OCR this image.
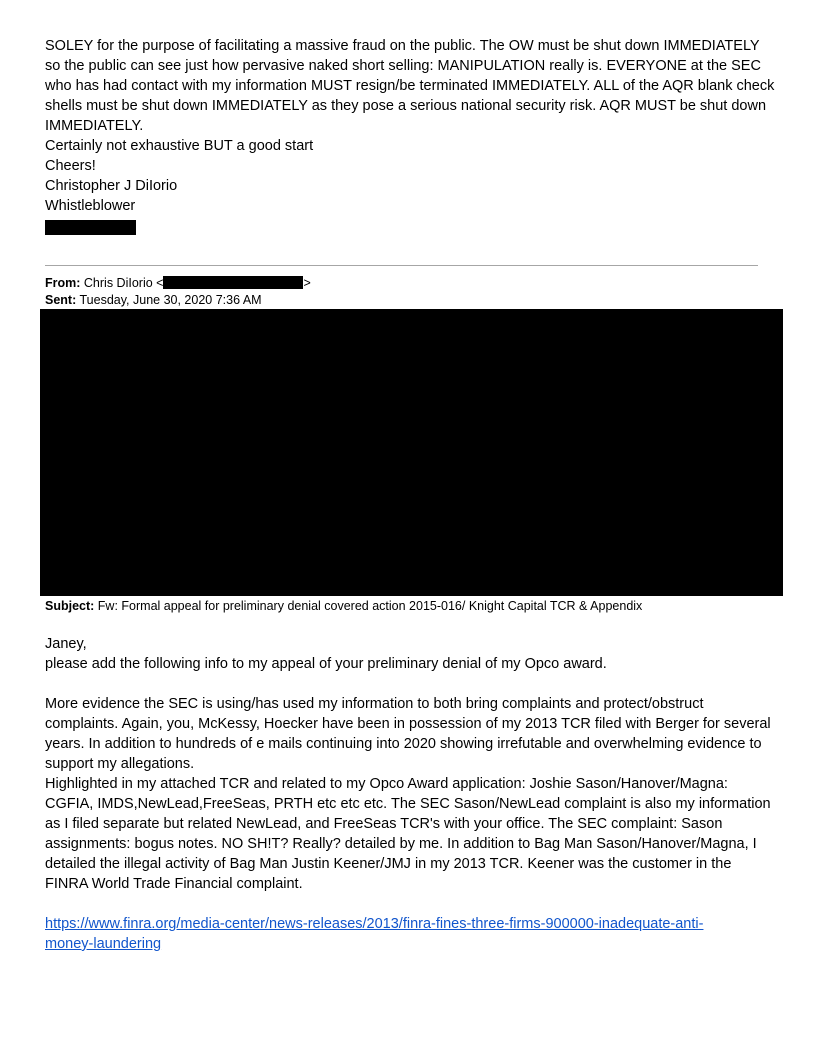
SOLEY for the purpose of facilitating a massive fraud on the public. The OW must be shut down IMMEDIATELY so the public can see just how pervasive naked short selling: MANIPULATION really is. EVERYONE at the SEC who has had contact with my information MUST resign/be terminated IMMEDIATELY. ALL of the AQR blank check shells must be shut down IMMEDIATELY as they pose a serious national security risk. AQR MUST be shut down IMMEDIATELY.

Certainly not exhaustive BUT a good start

Cheers!

Christopher J DiIorio

Whistleblower

From: Chris DiIorio <	>

Sent: Tuesday, June 30, 2020 7:36 AM

Subject: Fw: Formal appeal for preliminary denial covered action 2015-016/ Knight Capital TCR & Appendix

Janey,

please add the following info to my appeal of your preliminary denial of my Opco award.

More evidence the SEC is using/has used my information to both bring complaints and protect/obstruct complaints. Again, you, McKessy, Hoecker have been in possession of my 2013 TCR filed with Berger for several years. In addition to hundreds of e mails continuing into 2020 showing irrefutable and overwhelming evidence to support my allegations.

Highlighted in my attached TCR and related to my Opco Award application: Joshie Sason/Hanover/Magna: CGFIA, IMDS,NewLead,FreeSeas, PRTH etc etc etc. The SEC Sason/NewLead complaint is also my information as I filed separate but related NewLead, and FreeSeas TCR's with your office. The SEC complaint: Sason assignments: bogus notes. NO SH!T? Really? detailed by me. In addition to Bag Man Sason/Hanover/Magna, I detailed the illegal activity of Bag Man Justin Keener/JMJ in my 2013 TCR. Keener was the customer in the FINRA World Trade Financial complaint.

https://www.finra.org/media-center/news-releases/2013/finra-fines-three-firms-900000-inadequate-anti-money-laundering
